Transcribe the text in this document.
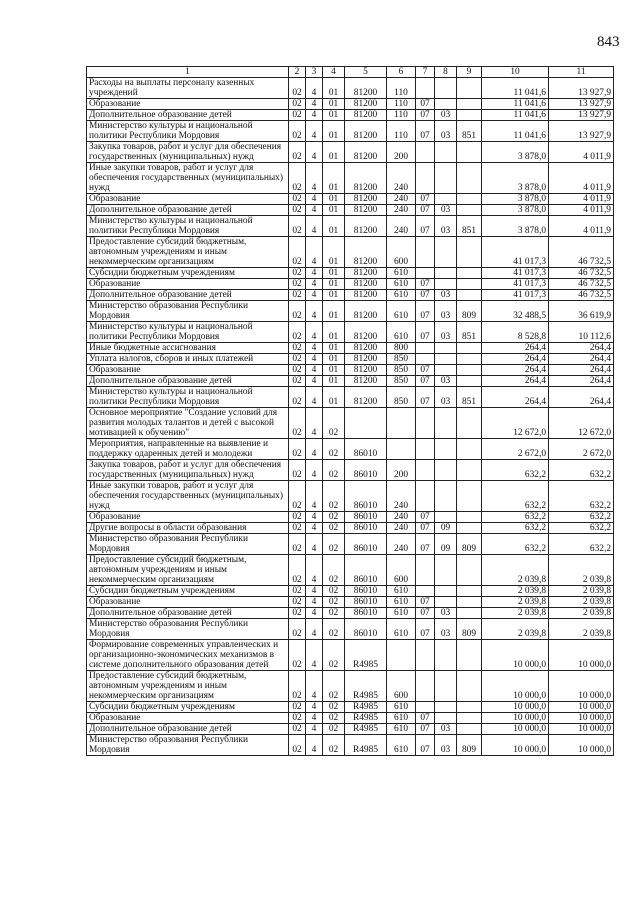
843
1	2	3	4	5	6	7	8	9	10	11
Расходы на выплаты персоналу казенных учреждений	02	4	01	81200	110				11 041,6	13 927,9
Образование	02	4	01	81200	110	07			11 041,6	13 927,9
Дополнительное образование детей	02	4	01	81200	110	07	03		11 041,6	13 927,9
Министерство культуры и национальной политики Республики Мордовия	02	4	01	81200	110	07	03	851	11 041,6	13 927,9
Закупка товаров, работ и услуг для обеспечения государственных (муниципальных) нужд	02	4	01	81200	200				3 878,0	4 011,9
Иные закупки товаров, работ и услуг для обеспечения государственных (муниципальных) нужд	02	4	01	81200	240				3 878,0	4 011,9
Образование	02	4	01	81200	240	07			3 878,0	4 011,9
Дополнительное образование детей	02	4	01	81200	240	07	03		3 878,0	4 011,9
Министерство культуры и национальной политики Республики Мордовия	02	4	01	81200	240	07	03	851	3 878,0	4 011,9
Предоставление субсидий бюджетным, автономным учреждениям и иным некоммерческим организациям	02	4	01	81200	600				41 017,3	46 732,5
Субсидии бюджетным учреждениям	02	4	01	81200	610				41 017,3	46 732,5
Образование	02	4	01	81200	610	07			41 017,3	46 732,5
Дополнительное образование детей	02	4	01	81200	610	07	03		41 017,3	46 732,5
Министерство образования Республики Мордовия	02	4	01	81200	610	07	03	809	32 488,5	36 619,9
Министерство культуры и национальной политики Республики Мордовия	02	4	01	81200	610	07	03	851	8 528,8	10 112,6
Иные бюджетные ассигнования	02	4	01	81200	800				264,4	264,4
Уплата налогов, сборов и иных платежей	02	4	01	81200	850				264,4	264,4
Образование	02	4	01	81200	850	07			264,4	264,4
Дополнительное образование детей	02	4	01	81200	850	07	03		264,4	264,4
Министерство культуры и национальной политики Республики Мордовия	02	4	01	81200	850	07	03	851	264,4	264,4
Основное мероприятие "Создание условий для развития молодых талантов и детей с высокой мотивацией к обучению"	02	4	02						12 672,0	12 672,0
Мероприятия, направленные на выявление и поддержку одаренных детей и молодежи	02	4	02	86010					2 672,0	2 672,0
Закупка товаров, работ и услуг для обеспечения государственных (муниципальных) нужд	02	4	02	86010	200				632,2	632,2
Иные закупки товаров, работ и услуг для обеспечения государственных (муниципальных) нужд	02	4	02	86010	240				632,2	632,2
Образование	02	4	02	86010	240	07			632,2	632,2
Другие вопросы в области образования	02	4	02	86010	240	07	09		632,2	632,2
Министерство образования Республики Мордовия	02	4	02	86010	240	07	09	809	632,2	632,2
Предоставление субсидий бюджетным, автономным учреждениям и иным некоммерческим организациям	02	4	02	86010	600				2 039,8	2 039,8
Субсидии бюджетным учреждениям	02	4	02	86010	610				2 039,8	2 039,8
Образование	02	4	02	86010	610	07			2 039,8	2 039,8
Дополнительное образование детей	02	4	02	86010	610	07	03		2 039,8	2 039,8
Министерство образования Республики Мордовия	02	4	02	86010	610	07	03	809	2 039,8	2 039,8
Формирование современных управленческих и организационно-экономических механизмов в системе дополнительного образования детей	02	4	02	R4985					10 000,0	10 000,0
Предоставление субсидий бюджетным, автономным учреждениям и иным некоммерческим организациям	02	4	02	R4985	600				10 000,0	10 000,0
Субсидии бюджетным учреждениям	02	4	02	R4985	610				10 000,0	10 000,0
Образование	02	4	02	R4985	610	07			10 000,0	10 000,0
Дополнительное образование детей	02	4	02	R4985	610	07	03		10 000,0	10 000,0
Министерство образования Республики Мордовия	02	4	02	R4985	610	07	03	809	10 000,0	10 000,0
